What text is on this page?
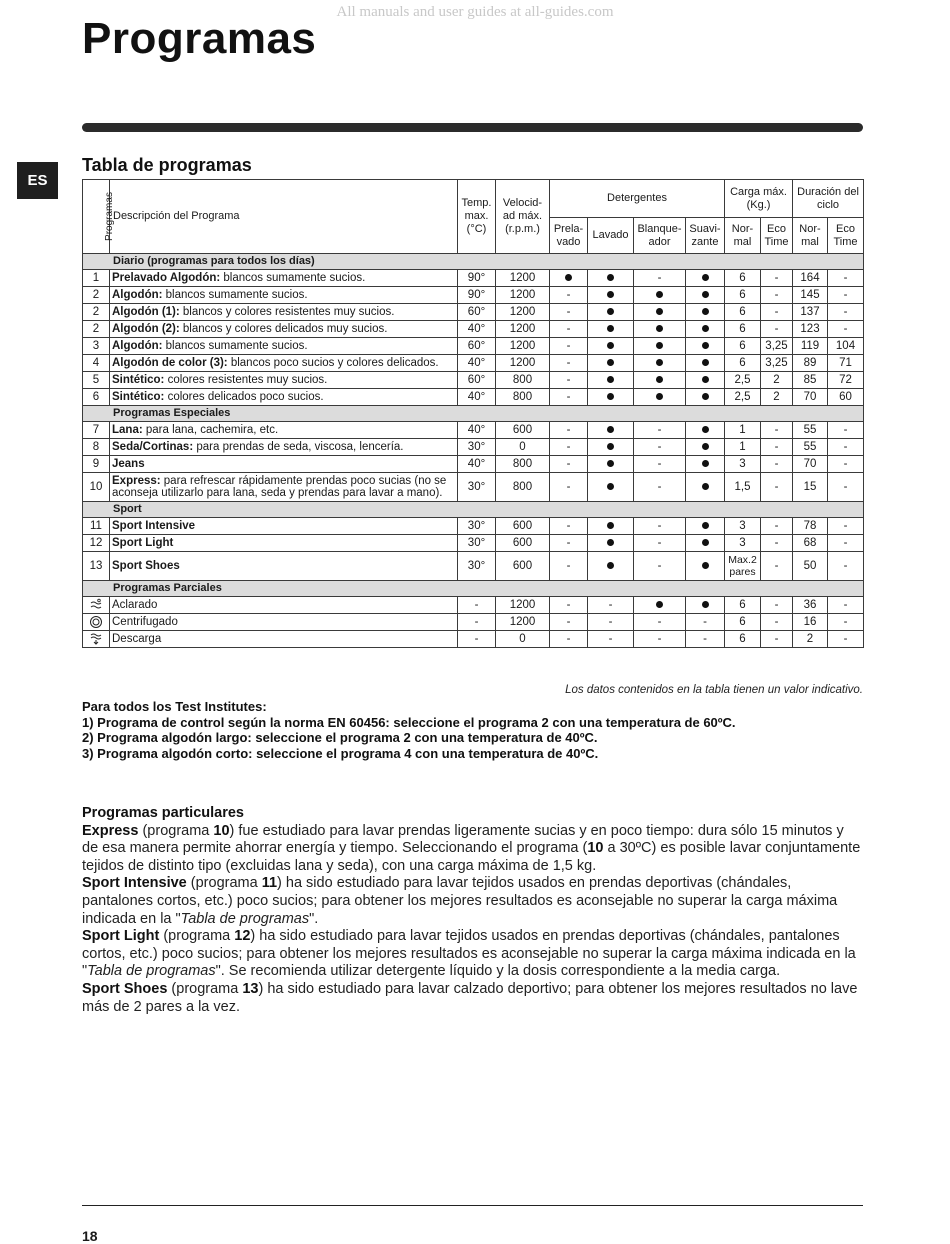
All manuals and user guides at all-guides.com
Programas
ES
Tabla de programas
Programas	Descripción del Programa	Temp. max. (°C)	Velocid-ad máx. (r.p.m.)	Detergentes				Carga máx. (Kg.)		Duración del ciclo	
				Prela-vado	Lavado	Blanque-ador	Suavi-zante	Nor-mal	Eco Time	Nor-mal	Eco Time
Diario (programas para todos los días)											
1	Prelavado Algodón: blancos sumamente sucios.	90°	1200			-		6	-	164	-
2	Algodón: blancos sumamente sucios.	90°	1200	-				6	-	145	-
2	Algodón (1): blancos y colores resistentes muy sucios.	60°	1200	-				6	-	137	-
2	Algodón (2): blancos y colores delicados muy sucios.	40°	1200	-				6	-	123	-
3	Algodón: blancos sumamente sucios.	60°	1200	-				6	3,25	119	104
4	Algodón de color (3): blancos poco sucios y colores delicados.	40°	1200	-				6	3,25	89	71
5	Sintético: colores resistentes muy sucios.	60°	800	-				2,5	2	85	72
6	Sintético: colores delicados poco sucios.	40°	800	-				2,5	2	70	60
Programas Especiales											
7	Lana: para lana, cachemira, etc.	40°	600	-		-		1	-	55	-
8	Seda/Cortinas: para prendas de seda, viscosa, lencería.	30°	0	-		-		1	-	55	-
9	Jeans	40°	800	-		-		3	-	70	-
10	Express: para refrescar rápidamente prendas poco sucias (no se aconseja utilizarlo para lana, seda y prendas para lavar a mano).	30°	800	-		-		1,5	-	15	-
Sport											
11	Sport Intensive	30°	600	-		-		3	-	78	-
12	Sport Light	30°	600	-		-		3	-	68	-
13	Sport Shoes	30°	600	-		-		Max.2 pares	-	50	-
Programas Parciales											

	Aclarado	-	1200	-	-			6	-	36	-

	Centrifugado	-	1200	-	-	-	-	6	-	16	-

	Descarga	-	0	-	-	-	-	6	-	2	-

Los datos contenidos en la tabla tienen un valor indicativo.

Para todos los Test Institutes:
1) Programa de control según la norma EN 60456: seleccione el programa 2 con una temperatura de 60ºC.
2) Programa algodón largo: seleccione el programa 2 con una temperatura de 40ºC.
3) Programa algodón corto: seleccione el programa 4 con una temperatura de 40ºC.
Programas particulares

Express (programa 10) fue estudiado para lavar prendas ligeramente sucias y en poco tiempo: dura sólo 15 minutos y de esa manera permite ahorrar energía y tiempo. Seleccionando el programa (10 a 30ºC) es posible lavar conjuntamente tejidos de distinto tipo (excluidas lana y seda), con una carga máxima de 1,5 kg.

Sport Intensive (programa 11) ha sido estudiado para lavar tejidos usados en prendas deportivas (chándales, pantalones cortos, etc.) poco sucios; para obtener los mejores resultados es aconsejable no superar la carga máxima indicada en la "Tabla de programas".

Sport Light (programa 12) ha sido estudiado para lavar tejidos usados en prendas deportivas (chándales, pantalones cortos, etc.) poco sucios; para obtener los mejores resultados es aconsejable no superar la carga máxima indicada en la "Tabla de programas". Se recomienda utilizar detergente líquido y la dosis correspondiente a la media carga.

Sport Shoes (programa 13) ha sido estudiado para lavar calzado deportivo; para obtener los mejores resultados no lave más de 2 pares a la vez.

18
